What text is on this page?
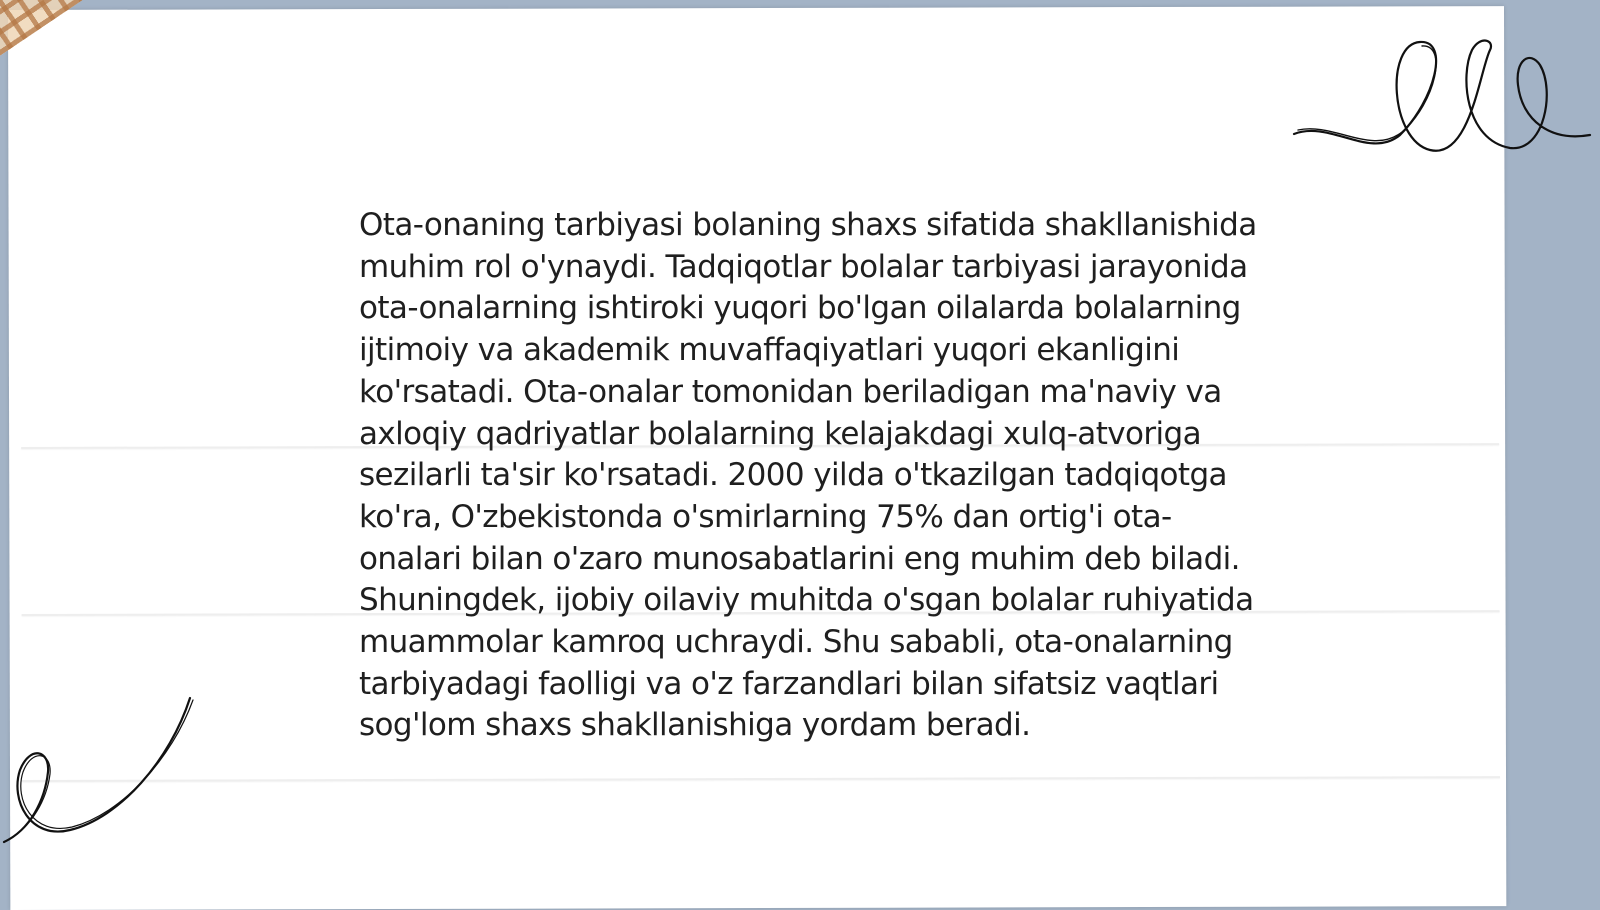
Ota-onaning tarbiyasi bolaning shaxs sifatida shakllanishida muhim rol o'ynaydi. Tadqiqotlar bolalar tarbiyasi jarayonida ota-onalarning ishtiroki yuqori bo'lgan oilalarda bolalarning ijtimoiy va akademik muvaffaqiyatlari yuqori ekanligini ko'rsatadi. Ota-onalar tomonidan beriladigan ma'naviy va axloqiy qadriyatlar bolalarning kelajakdagi xulq-atvoriga sezilarli ta'sir ko'rsatadi. 2000 yilda o'tkazilgan tadqiqotga ko'ra, O'zbekistonda o'smirlarning 75% dan ortig'i ota-onalari bilan o'zaro munosabatlarini eng muhim deb biladi. Shuningdek, ijobiy oilaviy muhitda o'sgan bolalar ruhiyatida muammolar kamroq uchraydi. Shu sababli, ota-onalarning tarbiyadagi faolligi va o'z farzandlari bilan sifatsiz vaqtlari sog'lom shaxs shakllanishiga yordam beradi.
